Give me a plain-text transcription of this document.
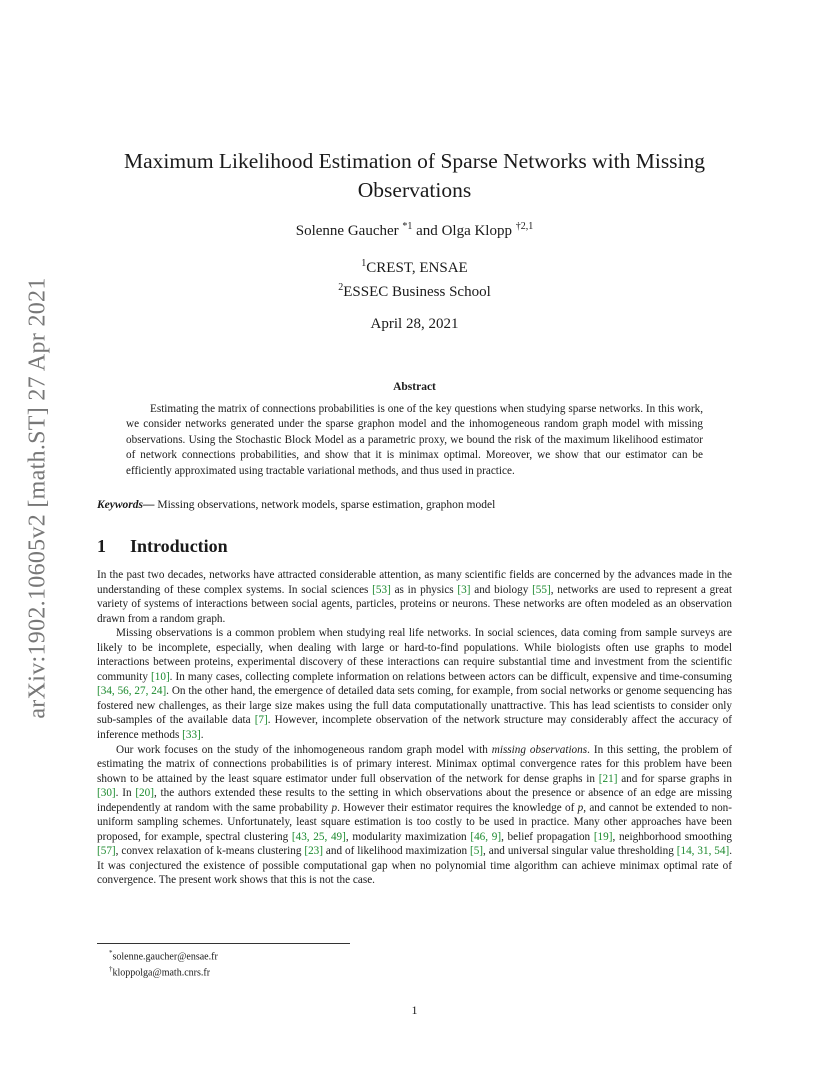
arXiv:1902.10605v2 [math.ST] 27 Apr 2021
Maximum Likelihood Estimation of Sparse Networks with Missing Observations
Solenne Gaucher $^{*1}$ and Olga Klopp $^{\dagger 2,1}$
$^1$CREST, ENSAE
$^2$ESSEC Business School
April 28, 2021
Abstract
Estimating the matrix of connections probabilities is one of the key questions when studying sparse networks. In this work, we consider networks generated under the sparse graphon model and the inhomogeneous random graph model with missing observations. Using the Stochastic Block Model as a parametric proxy, we bound the risk of the maximum likelihood estimator of network connections probabilities, and show that it is minimax optimal. Moreover, we show that our estimator can be efficiently approximated using tractable variational methods, and thus used in practice.
Keywords— Missing observations, network models, sparse estimation, graphon model
1 Introduction

In the past two decades, networks have attracted considerable attention, as many scientific fields are concerned by the advances made in the understanding of these complex systems. In social sciences [53] as in physics [3] and biology [55], networks are used to represent a great variety of systems of interactions between social agents, particles, proteins or neurons. These networks are often modeled as an observation drawn from a random graph.

Missing observations is a common problem when studying real life networks. In social sciences, data coming from sample surveys are likely to be incomplete, especially, when dealing with large or hard-to-find populations. While biologists often use graphs to model interactions between proteins, experimental discovery of these interactions can require substantial time and investment from the scientific community [10]. In many cases, collecting complete information on relations between actors can be difficult, expensive and time-consuming [34, 56, 27, 24]. On the other hand, the emergence of detailed data sets coming, for example, from social networks or genome sequencing has fostered new challenges, as their large size makes using the full data computationally unattractive. This has lead scientists to consider only sub-samples of the available data [7]. However, incomplete observation of the network structure may considerably affect the accuracy of inference methods [33].

Our work focuses on the study of the inhomogeneous random graph model with missing observations. In this setting, the problem of estimating the matrix of connections probabilities is of primary interest. Minimax optimal convergence rates for this problem have been shown to be attained by the least square estimator under full observation of the network for dense graphs in [21] and for sparse graphs in [30]. In [20], the authors extended these results to the setting in which observations about the presence or absence of an edge are missing independently at random with the same probability p. However their estimator requires the knowledge of p, and cannot be extended to non-uniform sampling schemes. Unfortunately, least square estimation is too costly to be used in practice. Many other approaches have been proposed, for example, spectral clustering [43, 25, 49], modularity maximization [46, 9], belief propagation [19], neighborhood smoothing [57], convex relaxation of k-means clustering [23] and of likelihood maximization [5], and universal singular value thresholding [14, 31, 54]. It was conjectured the existence of possible computational gap when no polynomial time algorithm can achieve minimax optimal rate of convergence. The present work shows that this is not the case.

*solenne.gaucher@ensae.fr
†kloppolga@math.cnrs.fr
1
